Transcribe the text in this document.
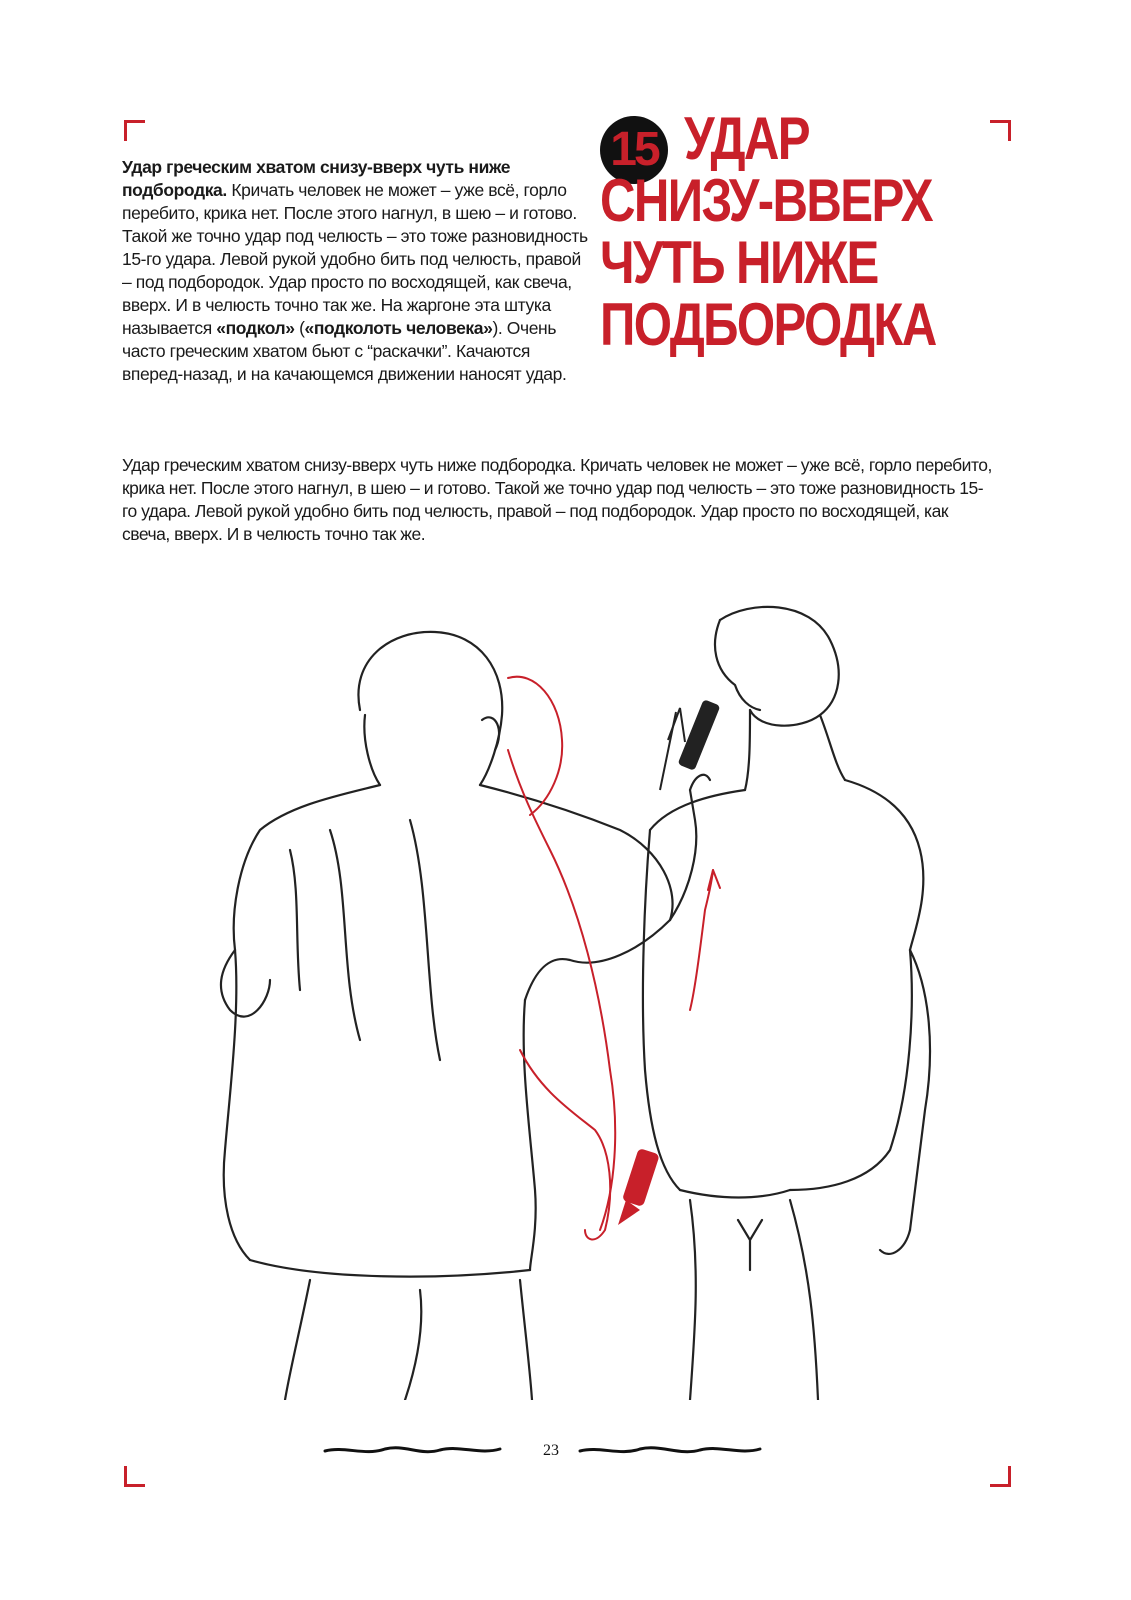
Удар греческим хватом снизу-вверх чуть ниже подбородка. Кричать человек не может – уже всё, горло перебито, крика нет. После этого нагнул, в шею – и готово. Такой же точно удар под челюсть – это тоже разновидность 15-го удара. Левой рукой удобно бить под челюсть, правой – под подбородок. Удар просто по восходящей, как свеча, вверх. И в челюсть точно так же. На жаргоне эта штука называется «подкол» («подколоть человека»). Очень часто греческим хватом бьют с “раскачки”. Качаются вперед-назад, и на качающемся движении наносят удар.
15 УДАР
СНИЗУ-ВВЕРХ
ЧУТЬ НИЖЕ
ПОДБОРОДКА
Удар греческим хватом снизу-вверх чуть ниже подбородка. Кричать человек не может – уже всё, горло перебито, крика нет. После этого нагнул, в шею – и готово. Такой же точно удар под челюсть – это тоже разновидность 15-го удара. Левой рукой удобно бить под челюсть, правой – под подбородок. Удар просто по восходящей, как свеча, вверх. И в челюсть точно так же.
23
